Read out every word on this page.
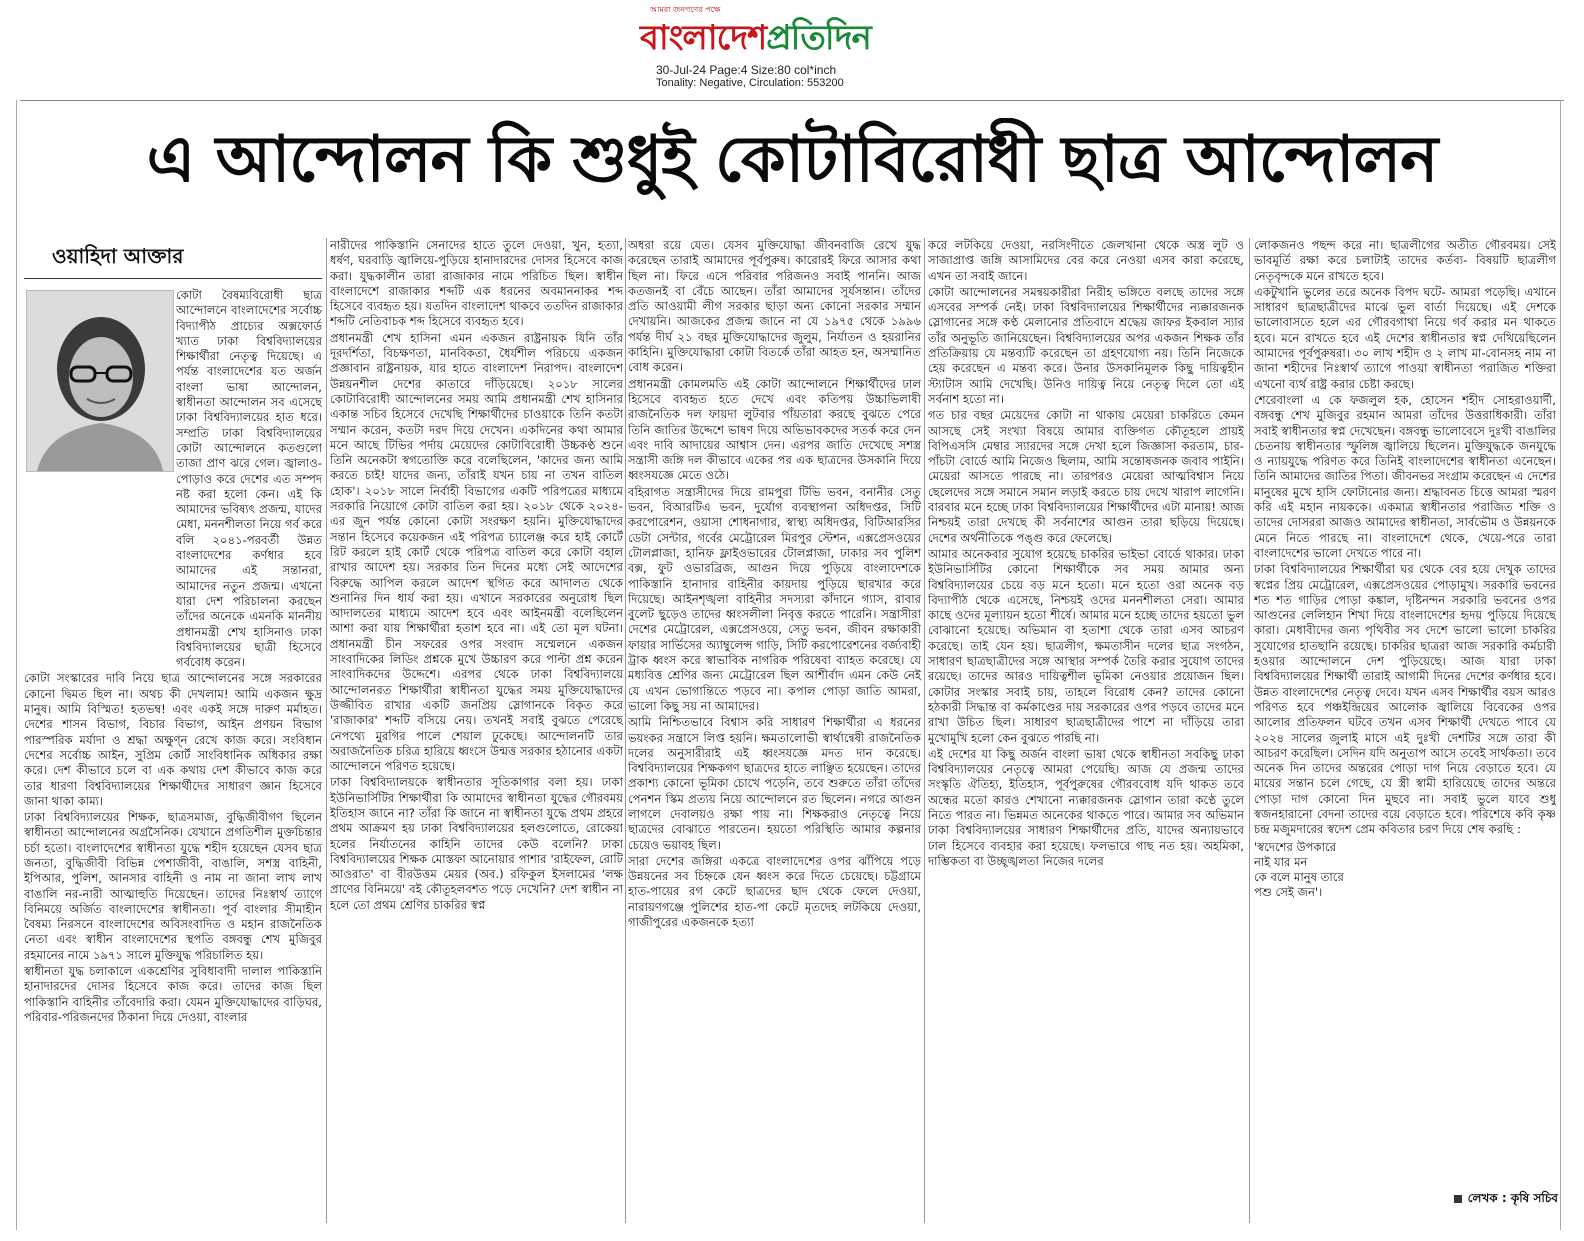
আমরা জনগণের পক্ষে
বাংলাদেশপ্রতিদিন
30-Jul-24 Page:4 Size:80 col*inch
Tonality: Negative, Circulation: 553200
এ আন্দোলন কি শুধুই কোটাবিরোধী ছাত্র আন্দোলন
ওয়াহিদা আক্তার

কোটা বৈষম্যবিরোধী ছাত্র আন্দোলনে বাংলাদেশের সর্বোচ্চ বিদ্যাপীঠ প্রাচ্যের অক্সফোর্ড খ্যাত ঢাকা বিশ্ববিদ্যালয়ের শিক্ষার্থীরা নেতৃত্ব দিয়েছে। এ পর্যন্ত বাংলাদেশের যত অর্জন বাংলা ভাষা আন্দোলন, স্বাধীনতা আন্দোলন সব এসেছে ঢাকা বিশ্ববিদ্যালয়ের হাত ধরে। সম্প্রতি ঢাকা বিশ্ববিদ্যালয়ের কোটা আন্দোলনে কতগুলো তাজা প্রাণ ঝরে গেল। জ্বালাও-পোড়াও করে দেশের এত সম্পদ নষ্ট করা হলো কেন। এই কি আমাদের ভবিষ্যৎ প্রজন্ম, যাদের মেধা, মননশীলতা নিয়ে গর্ব করে বলি ২০৪১-পরবর্তী উন্নত বাংলাদেশের কর্ণধার হবে আমাদের এই সন্তানরা, আমাদের নতুন প্রজন্ম। এখনো যারা দেশ পরিচালনা করছেন তাঁদের অনেকে এমনকি মাননীয় প্রধানমন্ত্রী শেখ হাসিনাও ঢাকা বিশ্ববিদ্যালয়ের ছাত্রী হিসেবে গর্ববোধ করেন।

কোটা সংস্কারের দাবি নিয়ে ছাত্র আন্দোলনের সঙ্গে সরকারের কোনো দ্বিমত ছিল না। অথচ কী দেখলাম! আমি একজন ক্ষুদ্র মানুষ। আমি বিস্মিত! হতভম্ব! এবং একই সঙ্গে দারুণ মর্মাহত। দেশের শাসন বিভাগ, বিচার বিভাগ, আইন প্রণয়ন বিভাগ পারস্পরিক মর্যাদা ও শ্রদ্ধা অক্ষুণ্ন রেখে কাজ করে। সংবিধান দেশের সর্বোচ্চ আইন, সুপ্রিম কোর্ট সাংবিধানিক অধিকার রক্ষা করে। দেশ কীভাবে চলে বা এক কথায় দেশ কীভাবে কাজ করে তার ধারণা বিশ্ববিদ্যালয়ের শিক্ষার্থীদের সাধারণ জ্ঞান হিসেবে জানা থাকা কাম্য।

ঢাকা বিশ্ববিদ্যালয়ের শিক্ষক, ছাত্রসমাজ, বুদ্ধিজীবীগণ ছিলেন স্বাধীনতা আন্দোলনের অগ্রসৈনিক। যেখানে প্রগতিশীল মুক্তচিন্তার চর্চা হতো। বাংলাদেশের স্বাধীনতা যুদ্ধে শহীদ হয়েছেন যেসব ছাত্র জনতা, বুদ্ধিজীবী বিভিন্ন পেশাজীবী, বাঙালি, সশস্ত্র বাহিনী, ইপিআর, পুলিশ, আনসার বাহিনী ও নাম না জানা লাখ লাখ বাঙালি নর-নারী আত্মাহুতি দিয়েছেন। তাদের নিঃস্বার্থ ত্যাগে বিনিময়ে অর্জিত বাংলাদেশের স্বাধীনতা। পূর্ব বাংলার সীমাহীন বৈষম্য নিরসনে বাংলাদেশের অবিসংবাদিত ও মহান রাজনৈতিক নেতা এবং স্বাধীন বাংলাদেশের স্থপতি বঙ্গবন্ধু শেখ মুজিবুর রহমানের নামে ১৯৭১ সালে মুক্তিযুদ্ধ পরিচালিত হয়।

স্বাধীনতা যুদ্ধ চলাকালে একশ্রেণির সুবিধাবাদী দালাল পাকিস্তানি হানাদারদের দোসর হিসেবে কাজ করে। তাদের কাজ ছিল পাকিস্তানি বাহিনীর তাঁবেদারি করা। যেমন মুক্তিযোদ্ধাদের বাড়িঘর, পরিবার-পরিজনদের ঠিকানা দিয়ে দেওয়া, বাংলার

নারীদের পাকিস্তানি সেনাদের হাতে তুলে দেওয়া, খুন, হত্যা, ধর্ষণ, ঘরবাড়ি জ্বালিয়ে-পুড়িয়ে হানাদারদের দোসর হিসেবে কাজ করা। যুদ্ধকালীন তারা রাজাকার নামে পরিচিত ছিল। স্বাধীন বাংলাদেশে রাজাকার শব্দটি এক ধরনের অবমাননাকর শব্দ হিসেবে ব্যবহৃত হয়। যতদিন বাংলাদেশ থাকবে ততদিন রাজাকার শব্দটি নেতিবাচক শব্দ হিসেবে ব্যবহৃত হবে।

প্রধানমন্ত্রী শেখ হাসিনা এমন একজন রাষ্ট্রনায়ক যিনি তাঁর দূরদর্শিতা, বিচক্ষণতা, মানবিকতা, ধৈর্যশীল পরিচয়ে একজন প্রজ্ঞাবান রাষ্ট্রনায়ক, যার হাতে বাংলাদেশ নিরাপদ। বাংলাদেশ উন্নয়নশীল দেশের কাতারে দাঁড়িয়েছে। ২০১৮ সালের কোটাবিরোধী আন্দোলনের সময় আমি প্রধানমন্ত্রী শেখ হাসিনার একান্ত সচিব হিসেবে দেখেছি শিক্ষার্থীদের চাওয়াকে তিনি কতটা সম্মান করেন, কতটা দরদ দিয়ে দেখেন। একদিনের কথা আমার মনে আছে টিভির পর্দায় মেয়েদের কোটাবিরোধী উচ্চকণ্ঠ শুনে তিনি অনেকটা স্বগতোক্তি করে বলেছিলেন, 'কাদের জন্য আমি করতে চাই! যাদের জন্য, তাঁরাই যখন চায় না তখন বাতিল হোক'। ২০১৮ সালে নির্বাহী বিভাগের একটি পরিপত্রের মাধ্যমে সরকারি নিয়োগে কোটা বাতিল করা হয়। ২০১৮ থেকে ২০২৪-এর জুন পর্যন্ত কোনো কোটা সংরক্ষণ হয়নি। মুক্তিযোদ্ধাদের সন্তান হিসেবে কয়েকজন এই পরিপত্র চ্যালেঞ্জ করে হাই কোর্টে রিট করলে হাই কোর্ট থেকে পরিপত্র বাতিল করে কোটা বহাল রাখার আদেশ হয়। সরকার তিন দিনের মধ্যে সেই আদেশের বিরুদ্ধে আপিল করলে আদেশ স্থগিত করে আদালত থেকে শুনানির দিন ধার্য করা হয়। এখানে সরকারের অনুরোধ ছিল আদালতের মাধ্যমে আদেশ হবে এবং আইনমন্ত্রী বলেছিলেন আশা করা যায় শিক্ষার্থীরা হতাশ হবে না। এই তো মূল ঘটনা। প্রধানমন্ত্রী চীন সফরের ওপর সংবাদ সম্মেলনে একজন সাংবাদিকের লিডিং প্রশ্নকে মুখে উচ্চারণ করে পাল্টা প্রশ্ন করেন সাংবাদিকদের উদ্দেশে। এরপর থেকে ঢাকা বিশ্ববিদ্যালয়ে আন্দোলনরত শিক্ষার্থীরা স্বাধীনতা যুদ্ধের সময় মুক্তিযোদ্ধাদের উজ্জীবিত রাখার একটি জনপ্রিয় স্লোগানকে বিকৃত করে 'রাজাকার' শব্দটি বসিয়ে নেয়। তখনই সবাই বুঝতে পেরেছে নেপথ্যে মুরগির পালে শেয়াল ঢুকেছে। আন্দোলনটি তার অরাজনৈতিক চরিত্র হারিয়ে ধ্বংসে উন্মত্ত সরকার হঠানোর একটা আন্দোলনে পরিণত হয়েছে।

ঢাকা বিশ্ববিদ্যালয়কে স্বাধীনতার সূতিকাগার বলা হয়। ঢাকা ইউনিভার্সিটির শিক্ষার্থীরা কি আমাদের স্বাধীনতা যুদ্ধের গৌরবময় ইতিহাস জানে না? তাঁরা কি জানে না স্বাধীনতা যুদ্ধে প্রথম প্রহরে প্রথম আক্রমণ হয় ঢাকা বিশ্ববিদ্যালয়ের হলগুলোতে, রোকেয়া হলের নির্যাতনের কাহিনি তাদের কেউ বলেনি? ঢাকা বিশ্ববিদ্যালয়ের শিক্ষক মোস্তফা আনোয়ার পাশার 'রাইফেল, রোটি আওরাত' বা বীরউত্তম মেয়র (অব.) রফিকুল ইসলামের 'লক্ষ প্রাণের বিনিময়ে' বই কৌতূহলবশত পড়ে দেখেনি? দেশ স্বাধীন না হলে তো প্রথম শ্রেণির চাকরির স্বপ্ন

অধরা রয়ে যেত। যেসব মুক্তিযোদ্ধা জীবনবাজি রেখে যুদ্ধ করেছেন তারাই আমাদের পূর্বপুরুষ। কারোরই ফিরে আসার কথা ছিল না। ফিরে এসে পরিবার পরিজনও সবাই পাননি। আজ কতজনই বা বেঁচে আছেন। তাঁরা আমাদের সূর্যসন্তান। তাঁদের প্রতি আওয়ামী লীগ সরকার ছাড়া অন্য কোনো সরকার সম্মান দেখায়নি। আজকের প্রজন্ম জানে না যে ১৯৭৫ থেকে ১৯৯৬ পর্যন্ত দীর্ঘ ২১ বছর মুক্তিযোদ্ধাদের জুলুম, নির্যাতন ও হয়রানির কাহিনি। মুক্তিযোদ্ধারা কোটা বিতর্কে তাঁরা আহত হন, অসম্মানিত বোধ করেন।

প্রধানমন্ত্রী কোমলমতি এই কোটা আন্দোলনে শিক্ষার্থীদের ঢাল হিসেবে ব্যবহৃত হতে দেখে এবং কতিপয় উচ্চাভিলাষী রাজনৈতিক দল ফায়দা লুটবার পাঁয়তারা করছে বুঝতে পেরে তিনি জাতির উদ্দেশে ভাষণ দিয়ে অভিভাবকদের সতর্ক করে দেন এবং দাবি আদায়ের আশ্বাস দেন। এরপর জাতি দেখেছে সশস্ত্র সন্ত্রাসী জঙ্গি দল কীভাবে একের পর এক ছাত্রদের উসকানি দিয়ে ধ্বংসযজ্ঞে মেতে ওঠে।

বহিরাগত সন্ত্রাসীদের দিয়ে রামপুরা টিভি ভবন, বনানীর সেতু ভবন, বিআরটিএ ভবন, দুর্যোগ ব্যবস্থাপনা অধিদপ্তর, সিটি করপোরেশন, ওয়াসা শোধনাগার, স্বাস্থ্য অধিদপ্তর, বিটিআরসির ডেটা সেন্টার, গর্বের মেট্রোরেল মিরপুর স্টেশন, এক্সপ্রেসওয়ের টোলপ্লাজা, হানিফ ফ্লাইওভারের টোলপ্লাজা, ঢাকার সব পুলিশ বক্স, ফুট ওভারব্রিজ, আগুন দিয়ে পুড়িয়ে বাংলাদেশকে পাকিস্তানি হানাদার বাহিনীর কায়দায় পুড়িয়ে ছারখার করে দিয়েছে। আইনশৃঙ্খলা বাহিনীর সদস্যরা কাঁদানে গ্যাস, রাবার বুলেট ছুড়েও তাদের ধ্বংসলীলা নিবৃত্ত করতে পারেনি। সন্ত্রাসীরা দেশের মেট্রোরেল, এক্সপ্রেসওয়ে, সেতু ভবন, জীবন রক্ষাকারী ফায়ার সার্ভিসের অ্যাম্বুলেন্স গাড়ি, সিটি করপোরেশনের বর্জ্যবাহী ট্রাক ধ্বংস করে স্বাভাবিক নাগরিক পরিষেবা ব্যাহত করেছে। যে মধ্যবিত্ত শ্রেণির জন্য মেট্রোরেল ছিল আশীর্বাদ এমন কেউ নেই যে এখন ভোগান্তিতে পড়বে না। কপাল পোড়া জাতি আমরা, ভালো কিছু সয় না আমাদের।

আমি নিশ্চিতভাবে বিশ্বাস করি সাধারণ শিক্ষার্থীরা এ ধরনের ভয়ংকর সন্ত্রাসে লিপ্ত হয়নি। ক্ষমতালোভী স্বার্থান্বেষী রাজনৈতিক দলের অনুসারীরাই এই ধ্বংসযজ্ঞে মদত দান করেছে। বিশ্ববিদ্যালয়ের শিক্ষকগণ ছাত্রদের হাতে লাঞ্ছিত হয়েছেন। তাদের প্রকাশ্য কোনো ভূমিকা চোখে পড়েনি, তবে শুরুতে তাঁরা তাঁদের পেনশন স্কিম প্রত্যয় নিয়ে আন্দোলনে রত ছিলেন। নগরে আগুন লাগলে দেবালয়ও রক্ষা পায় না। শিক্ষকরাও নেতৃত্বে নিয়ে ছাত্রদের বোঝাতে পারতেন। হয়তো পরিস্থিতি আমার কল্পনার চেয়েও ভয়াবহ ছিল।

সারা দেশের জঙ্গিরা একত্রে বাংলাদেশের ওপর ঝাঁপিয়ে পড়ে উন্নয়নের সব চিহ্নকে যেন ধ্বংস করে দিতে চেয়েছে। চট্টগ্রামে হাত-পায়ের রগ কেটে ছাত্রদের ছাদ থেকে ফেলে দেওয়া, নারায়ণগঞ্জে পুলিশের হাত-পা কেটে মৃতদেহ লটকিয়ে দেওয়া, গাজীপুরের একজনকে হত্যা

করে লটকিয়ে দেওয়া, নরসিংদীতে জেলখানা থেকে অস্ত্র লুট ও সাজাপ্রাপ্ত জঙ্গি আসামিদের বের করে নেওয়া এসব কারা করেছে, এখন তা সবাই জানে।

কোটা আন্দোলনের সমন্বয়কারীরা নিরীহ ভঙ্গিতে বলছে তাদের সঙ্গে এসবের সম্পর্ক নেই। ঢাকা বিশ্ববিদ্যালয়ের শিক্ষার্থীদের ন্যক্কারজনক স্লোগানের সঙ্গে কণ্ঠ মেলানোর প্রতিবাদে শ্রদ্ধেয় জাফর ইকবাল স্যার তাঁর অনুভূতি জানিয়েছেন। বিশ্ববিদ্যালয়ের অপর একজন শিক্ষক তাঁর প্রতিক্রিয়ায় যে মন্তব্যটি করেছেন তা গ্রহণযোগ্য নয়। তিনি নিজেকে হেয় করেছেন এ মন্তব্য করে। উনার উসকানিমূলক কিছু দায়িত্বহীন স্ট্যাটাস আমি দেখেছি। উনিও দায়িত্ব নিয়ে নেতৃত্ব দিলে তো এই সর্বনাশ হতো না।

গত চার বছর মেয়েদের কোটা না থাকায় মেয়েরা চাকরিতে কেমন আসছে সেই সংখ্যা বিষয়ে আমার ব্যক্তিগত কৌতূহলে প্রায়ই বিপিএসসি মেম্বার স্যারদের সঙ্গে দেখা হলে জিজ্ঞাসা করতাম, চার-পাঁচটা বোর্ডে আমি নিজেও ছিলাম, আমি সন্তোষজনক জবাব পাইনি। মেয়েরা আসতে পারছে না। তারপরও মেয়েরা আত্মবিশ্বাস নিয়ে ছেলেদের সঙ্গে সমানে সমান লড়াই করতে চায় দেখে খারাপ লাগেনি। বারবার মনে হচ্ছে ঢাকা বিশ্ববিদ্যালয়ের শিক্ষার্থীদের এটা মানায়! আজ নিশ্চয়ই তারা দেখছে কী সর্বনাশের আগুন তারা ছড়িয়ে দিয়েছে। দেশের অর্থনীতিকে পঙ্গু করে ফেলেছে।

আমার অনেকবার সুযোগ হয়েছে চাকরির ভাইভা বোর্ডে থাকার। ঢাকা ইউনিভার্সিটির কোনো শিক্ষার্থীকে সব সময় আমার অন্য বিশ্ববিদ্যালয়ের চেয়ে বড় মনে হতো। মনে হতো ওরা অনেক বড় বিদ্যাপীঠ থেকে এসেছে, নিশ্চয়ই ওদের মননশীলতা সেরা। আমার কাছে ওদের মূল্যায়ন হতো শীর্ষে। আমার মনে হচ্ছে তাদের হয়তো ভুল বোঝানো হয়েছে। অভিমান বা হতাশা থেকে তারা এসব আচরণ করেছে। তাই যেন হয়। ছাত্রলীগ, ক্ষমতাসীন দলের ছাত্র সংগঠন, সাধারণ ছাত্রছাত্রীদের সঙ্গে আস্থার সম্পর্ক তৈরি করার সুযোগ তাদের রয়েছে। তাদের আরও দায়িত্বশীল ভূমিকা নেওয়ার প্রয়োজন ছিল। কোটার সংস্কার সবাই চায়, তাহলে বিরোধ কেন? তাদের কোনো হঠকারী সিদ্ধান্ত বা কর্মকাণ্ডের দায় সরকারের ওপর পড়বে তাদের মনে রাখা উচিত ছিল। সাধারণ ছাত্রছাত্রীদের পাশে না দাঁড়িয়ে তারা মুখোমুখি হলো কেন বুঝতে পারছি না।

এই দেশের যা কিছু অর্জন বাংলা ভাষা থেকে স্বাধীনতা সবকিছু ঢাকা বিশ্ববিদ্যালয়ের নেতৃত্বে আমরা পেয়েছি। আজ যে প্রজন্ম তাদের সংস্কৃতি ঐতিহ্য, ইতিহাস, পূর্বপুরুষের গৌরববোধ যদি থাকত তবে অন্ধের মতো কারও শেখানো ন্যক্কারজনক স্লোগান তারা কণ্ঠে তুলে নিতে পারত না। ভিন্নমত অনেকের থাকতে পারে। আমার সব অভিমান ঢাকা বিশ্ববিদ্যালয়ের সাধারণ শিক্ষার্থীদের প্রতি, যাদের অন্যায়ভাবে ঢাল হিসেবে ব্যবহার করা হয়েছে। ফলভারে গাছ নত হয়। অহমিকা, দাম্ভিকতা বা উচ্ছৃঙ্খলতা নিজের দলের

লোকজনও পছন্দ করে না। ছাত্রলীগের অতীত গৌরবময়। সেই ভাবমূর্তি রক্ষা করে চলাটাই তাদের কর্তব্য- বিষয়টি ছাত্রলীগ নেতৃবৃন্দকে মনে রাখতে হবে।

একটুখানি ভুলের তরে অনেক বিপদ ঘটে- আমরা পড়েছি। এখানে সাধারণ ছাত্রছাত্রীদের মাঝে ভুল বার্তা দিয়েছে। এই দেশকে ভালোবাসতে হলে এর গৌরবগাথা নিয়ে গর্ব করার মন থাকতে হবে। মনে রাখতে হবে এই দেশের স্বাধীনতার স্বপ্ন দেখিয়েছিলেন আমাদের পূর্বপুরুষরা। ৩০ লাখ শহীদ ও ২ লাখ মা-বোনসহ নাম না জানা শহীদের নিঃস্বার্থ ত্যাগে পাওয়া স্বাধীনতা পরাজিত শক্তিরা এখনো ব্যর্থ রাষ্ট্র করার চেষ্টা করছে।

শেরেবাংলা এ কে ফজলুল হক, হোসেন শহীদ সোহরাওয়ার্দী, বঙ্গবন্ধু শেখ মুজিবুর রহমান আমরা তাঁদের উত্তরাধিকারী। তাঁরা সবাই স্বাধীনতার স্বপ্ন দেখেছেন। বঙ্গবন্ধু ভালোবেসে দুঃখী বাঙালির চেতনায় স্বাধীনতার স্ফুলিঙ্গ জ্বালিয়ে ছিলেন। মুক্তিযুদ্ধকে জনযুদ্ধে ও ন্যায়যুদ্ধে পরিণত করে তিনিই বাংলাদেশের স্বাধীনতা এনেছেন। তিনি আমাদের জাতির পিতা। জীবনভর সংগ্রাম করেছেন এ দেশের মানুষের মুখে হাসি ফোটানোর জন্য। শ্রদ্ধাবনত চিত্তে আমরা স্মরণ করি এই মহান নায়ককে। একমাত্র স্বাধীনতার পরাজিত শক্তি ও তাদের দোসররা আজও আমাদের স্বাধীনতা, সার্বভৌম ও উন্নয়নকে মেনে নিতে পারছে না। বাংলাদেশে থেকে, খেয়ে-পরে তারা বাংলাদেশের ভালো দেখতে পারে না।

ঢাকা বিশ্ববিদ্যালয়ের শিক্ষার্থীরা ঘর থেকে বের হয়ে দেখুক তাদের স্বপ্নের প্রিয় মেট্রোরেল, এক্সপ্রেসওয়ের পোড়ামুখ। সরকারি ভবনের শত শত গাড়ির পোড়া কঙ্কাল, দৃষ্টিনন্দন সরকারি ভবনের ওপর আগুনের লেলিহান শিখা দিয়ে বাংলাদেশের হৃদয় পুড়িয়ে দিয়েছে কারা। মেধাবীদের জন্য পৃথিবীর সব দেশে ভালো ভালো চাকরির সুযোগের হাতছানি রয়েছে। চাকরির ছাত্ররা আজ সরকারি কর্মচারী হওয়ার আন্দোলনে দেশ পুড়িয়েছে। আজ যারা ঢাকা বিশ্ববিদ্যালয়ের শিক্ষার্থী তারাই আগামী দিনের দেশের কর্ণধার হবে। উন্নত বাংলাদেশের নেতৃত্ব দেবে। যখন এসব শিক্ষার্থীর বয়স আরও পরিণত হবে পঞ্চইন্দ্রিয়ের আলোক জ্বালিয়ে বিবেকের ওপর আলোর প্রতিফলন ঘটবে তখন এসব শিক্ষার্থী দেখতে পাবে যে ২০২৪ সালের জুলাই মাসে এই দুঃখী দেশটির সঙ্গে তারা কী আচরণ করেছিল। সেদিন যদি অনুতাপ আসে তবেই সার্থকতা। তবে অনেক দিন তাদের অন্তরের পোড়া দাগ নিয়ে বেড়াতে হবে। যে মায়ের সন্তান চলে গেছে, যে স্ত্রী স্বামী হারিয়েছে তাদের অন্তরে পোড়া দাগ কোনো দিন মুছবে না। সবাই ভুলে যাবে শুধু স্বজনহারানো বেদনা তাদের বয়ে বেড়াতে হবে। পরিশেষে কবি কৃষ্ণ চন্দ্র মজুমদারের স্বদেশ প্রেম কবিতার চরণ দিয়ে শেষ করছি :

'স্বদেশের উপকারে
নাই যার মন
কে বলে মানুষ তারে
পশু সেই জন'।
লেখক : কৃষি সচিব
